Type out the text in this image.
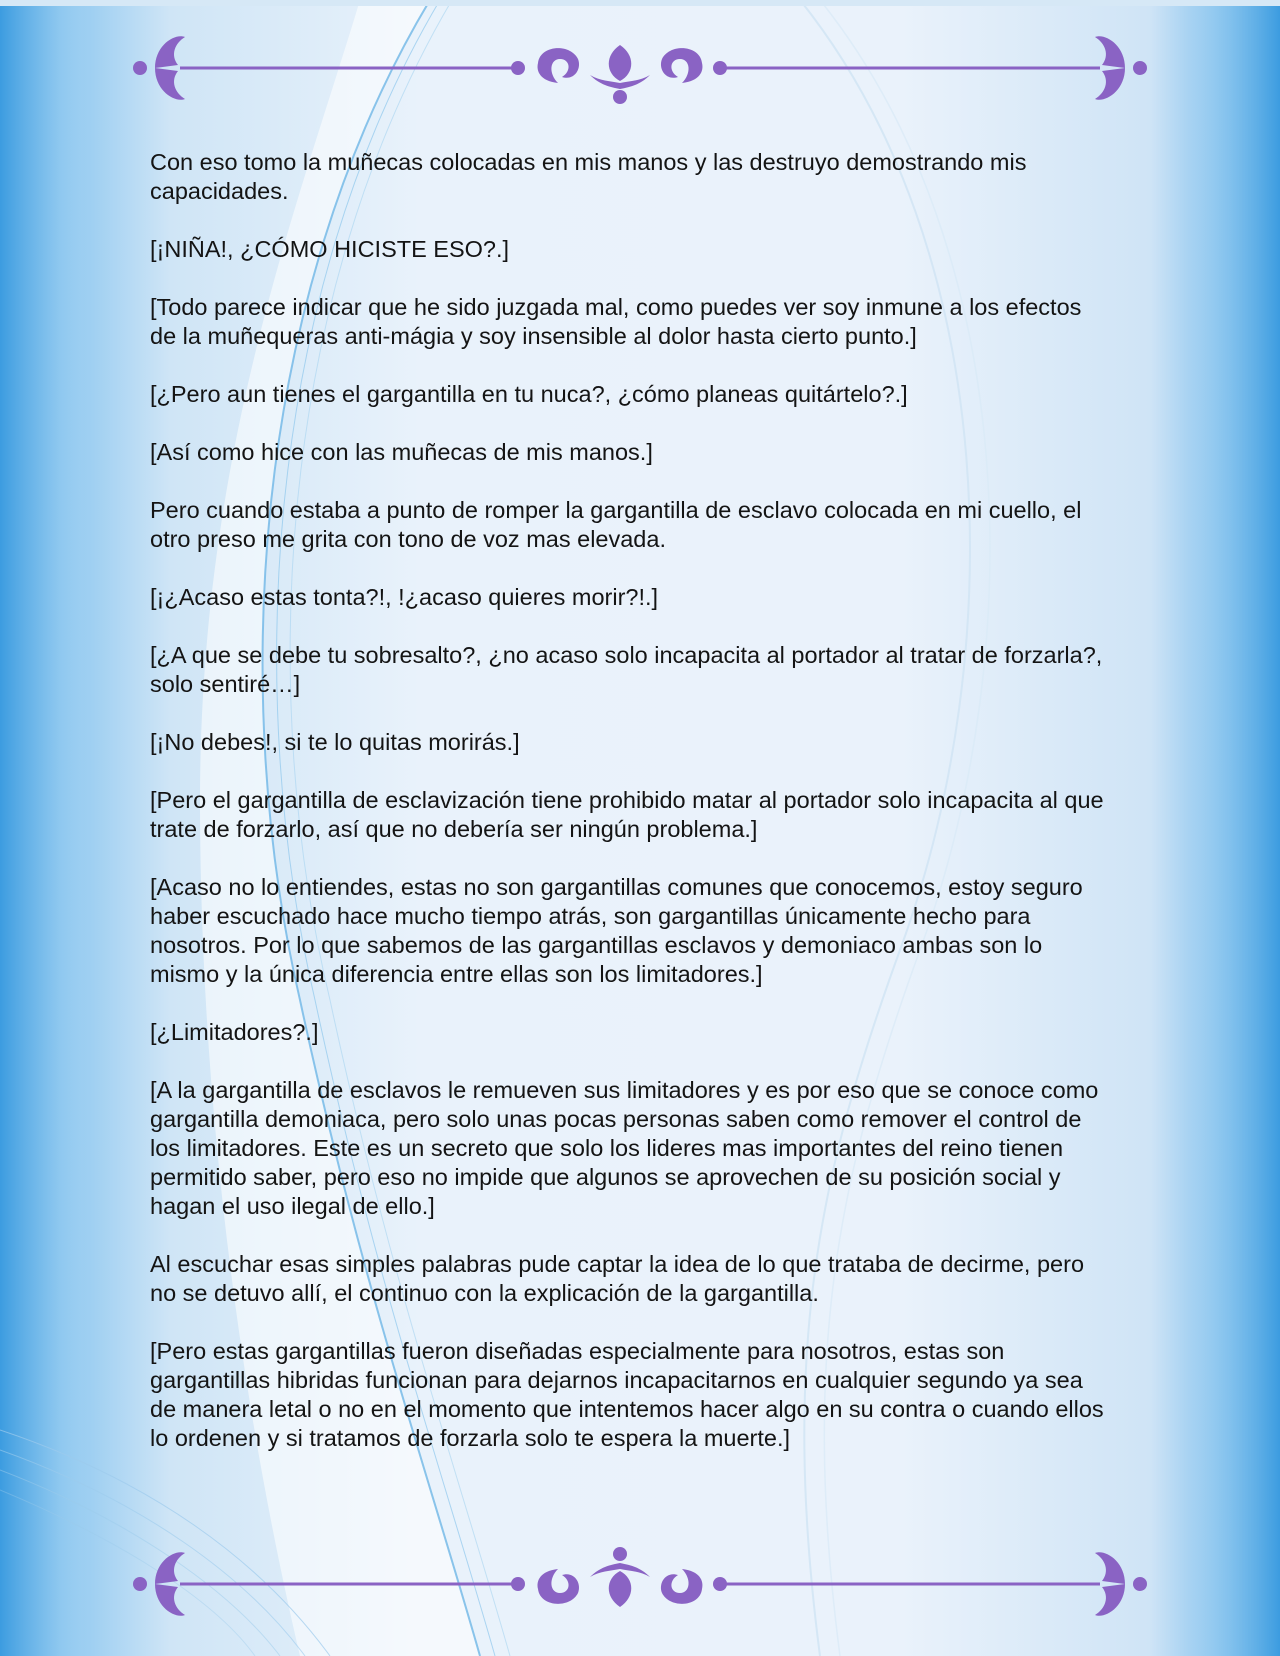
Con eso tomo la muñecas colocadas en mis manos y las destruyo demostrando mis capacidades.

[¡NIÑA!, ¿CÓMO HICISTE ESO?.]

[Todo parece indicar que he sido juzgada mal, como puedes ver soy inmune a los efectos de la muñequeras anti-mágia y soy insensible al dolor hasta cierto punto.]

[¿Pero aun tienes el gargantilla en tu nuca?, ¿cómo planeas quitártelo?.]

[Así como hice con las muñecas de mis manos.]

Pero cuando estaba a punto de romper la gargantilla de esclavo colocada en mi cuello, el otro preso me grita con tono de voz mas elevada.

[¡¿Acaso estas tonta?!, !¿acaso quieres morir?!.]

[¿A que se debe tu sobresalto?, ¿no acaso solo incapacita al portador al tratar de forzarla?, solo sentiré…]

[¡No debes!, si te lo quitas morirás.]

[Pero el gargantilla de esclavización tiene prohibido matar al portador solo incapacita al que trate de forzarlo, así que no debería ser ningún problema.]

[Acaso no lo entiendes, estas no son gargantillas comunes que conocemos, estoy seguro haber escuchado hace mucho tiempo atrás, son gargantillas únicamente hecho para nosotros. Por lo que sabemos de las gargantillas esclavos y demoniaco ambas son lo mismo y la única diferencia entre ellas son los limitadores.]

[¿Limitadores?.]

[A la gargantilla de esclavos le remueven sus limitadores y es por eso que se conoce como gargantilla demoniaca, pero solo unas pocas personas saben como remover el control de los limitadores. Este es un secreto que solo los lideres mas importantes del reino tienen permitido saber, pero eso no impide que algunos se aprovechen de su posición social y hagan el uso ilegal de ello.]

Al escuchar esas simples palabras pude captar la idea de lo que trataba de decirme, pero no se detuvo allí, el continuo con la explicación de la gargantilla.

[Pero estas gargantillas fueron diseñadas especialmente para nosotros, estas son gargantillas hibridas funcionan para dejarnos incapacitarnos en cualquier segundo ya sea de manera letal o no en el momento que intentemos hacer algo en su contra o cuando ellos lo ordenen y si tratamos de forzarla solo te espera la muerte.]
